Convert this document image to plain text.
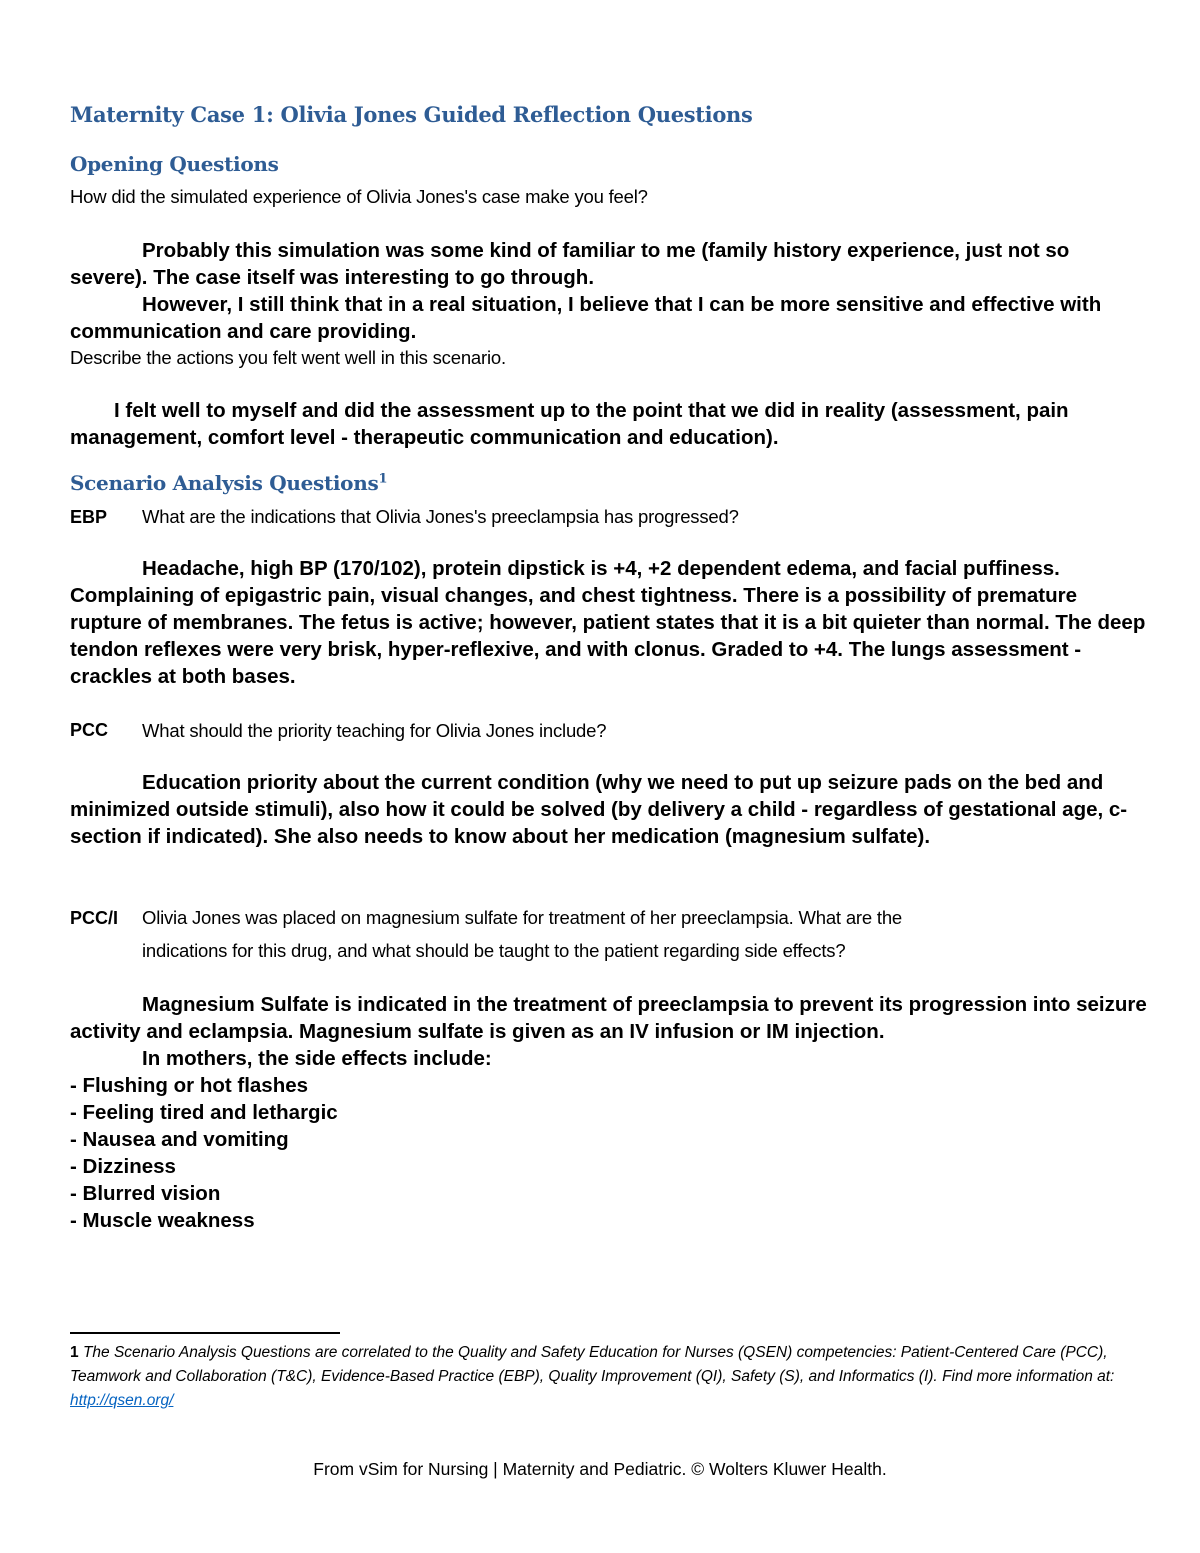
Maternity Case 1: Olivia Jones Guided Reflection Questions
Opening Questions

How did the simulated experience of Olivia Jones's case make you feel?

Probably this simulation was some kind of familiar to me (family history experience, just not so severe). The case itself was interesting to go through.
However, I still think that in a real situation, I believe that I can be more sensitive and effective with communication and care providing.

Describe the actions you felt went well in this scenario.

I felt well to myself and did the assessment up to the point that we did in reality (assessment, pain management, comfort level - therapeutic communication and education).

Scenario Analysis Questions$^1$
EBP What are the indications that Olivia Jones's preeclampsia has progressed?

Headache, high BP (170/102), protein dipstick is +4, +2 dependent edema, and facial puffiness. Complaining of epigastric pain, visual changes, and chest tightness. There is a possibility of premature rupture of membranes. The fetus is active; however, patient states that it is a bit quieter than normal. The deep tendon reflexes were very brisk, hyper-reflexive, and with clonus. Graded to +4. The lungs assessment - crackles at both bases.

PCC What should the priority teaching for Olivia Jones include?

Education priority about the current condition (why we need to put up seizure pads on the bed and minimized outside stimuli), also how it could be solved (by delivery a child - regardless of gestational age, c-section if indicated). She also needs to know about her medication (magnesium sulfate).

PCC/I Olivia Jones was placed on magnesium sulfate for treatment of her preeclampsia. What are the

indications for this drug, and what should be taught to the patient regarding side effects?

Magnesium Sulfate is indicated in the treatment of preeclampsia to prevent its progression into seizure activity and eclampsia. Magnesium sulfate is given as an IV infusion or IM injection.
In mothers, the side effects include:
- Flushing or hot flashes
- Feeling tired and lethargic
- Nausea and vomiting
- Dizziness
- Blurred vision
- Muscle weakness

1 The Scenario Analysis Questions are correlated to the Quality and Safety Education for Nurses (QSEN) competencies: Patient-Centered Care (PCC), Teamwork and Collaboration (T&C), Evidence-Based Practice (EBP), Quality Improvement (QI), Safety (S), and Informatics (I). Find more information at: http://qsen.org/

From vSim for Nursing | Maternity and Pediatric. © Wolters Kluwer Health.
